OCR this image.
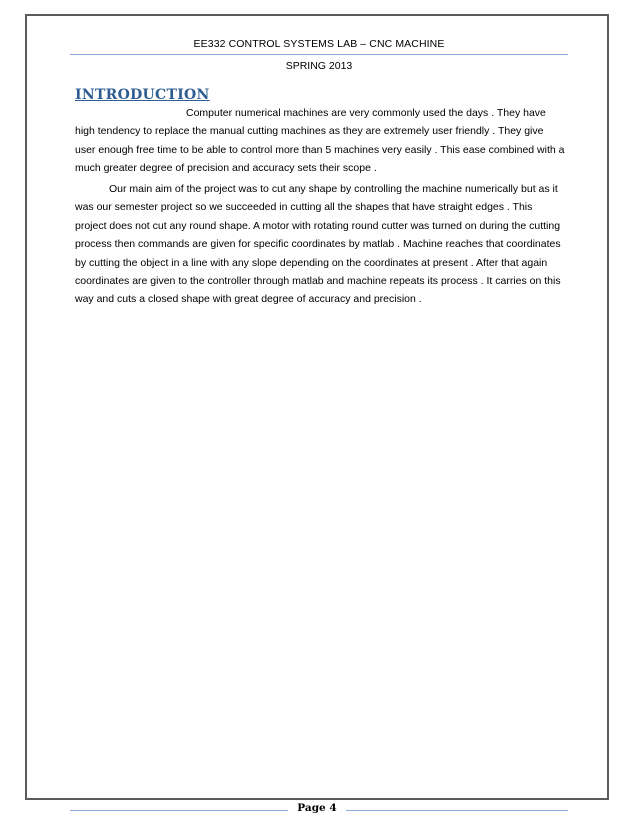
EE332 CONTROL SYSTEMS LAB – CNC MACHINE
SPRING 2013
INTRODUCTION
Computer numerical machines are very commonly used the days . They have high tendency to replace the manual cutting machines as they are extremely user friendly . They give user enough free time to be able to control more than 5 machines very easily . This ease combined with a much greater degree of precision and accuracy sets their scope .
Our main aim of the project was to cut any shape by controlling the machine numerically but as it was our semester project so we succeeded in cutting all the shapes that have straight edges . This project does not cut any round shape. A motor with rotating round cutter was turned on during the cutting process then commands are given for specific coordinates by matlab . Machine reaches that coordinates by cutting the object in a line with any slope depending on the coordinates at present . After that again coordinates are given to the controller through matlab and machine repeats its process . It carries on this way and cuts a closed shape with great degree of accuracy and precision .
Page 4
